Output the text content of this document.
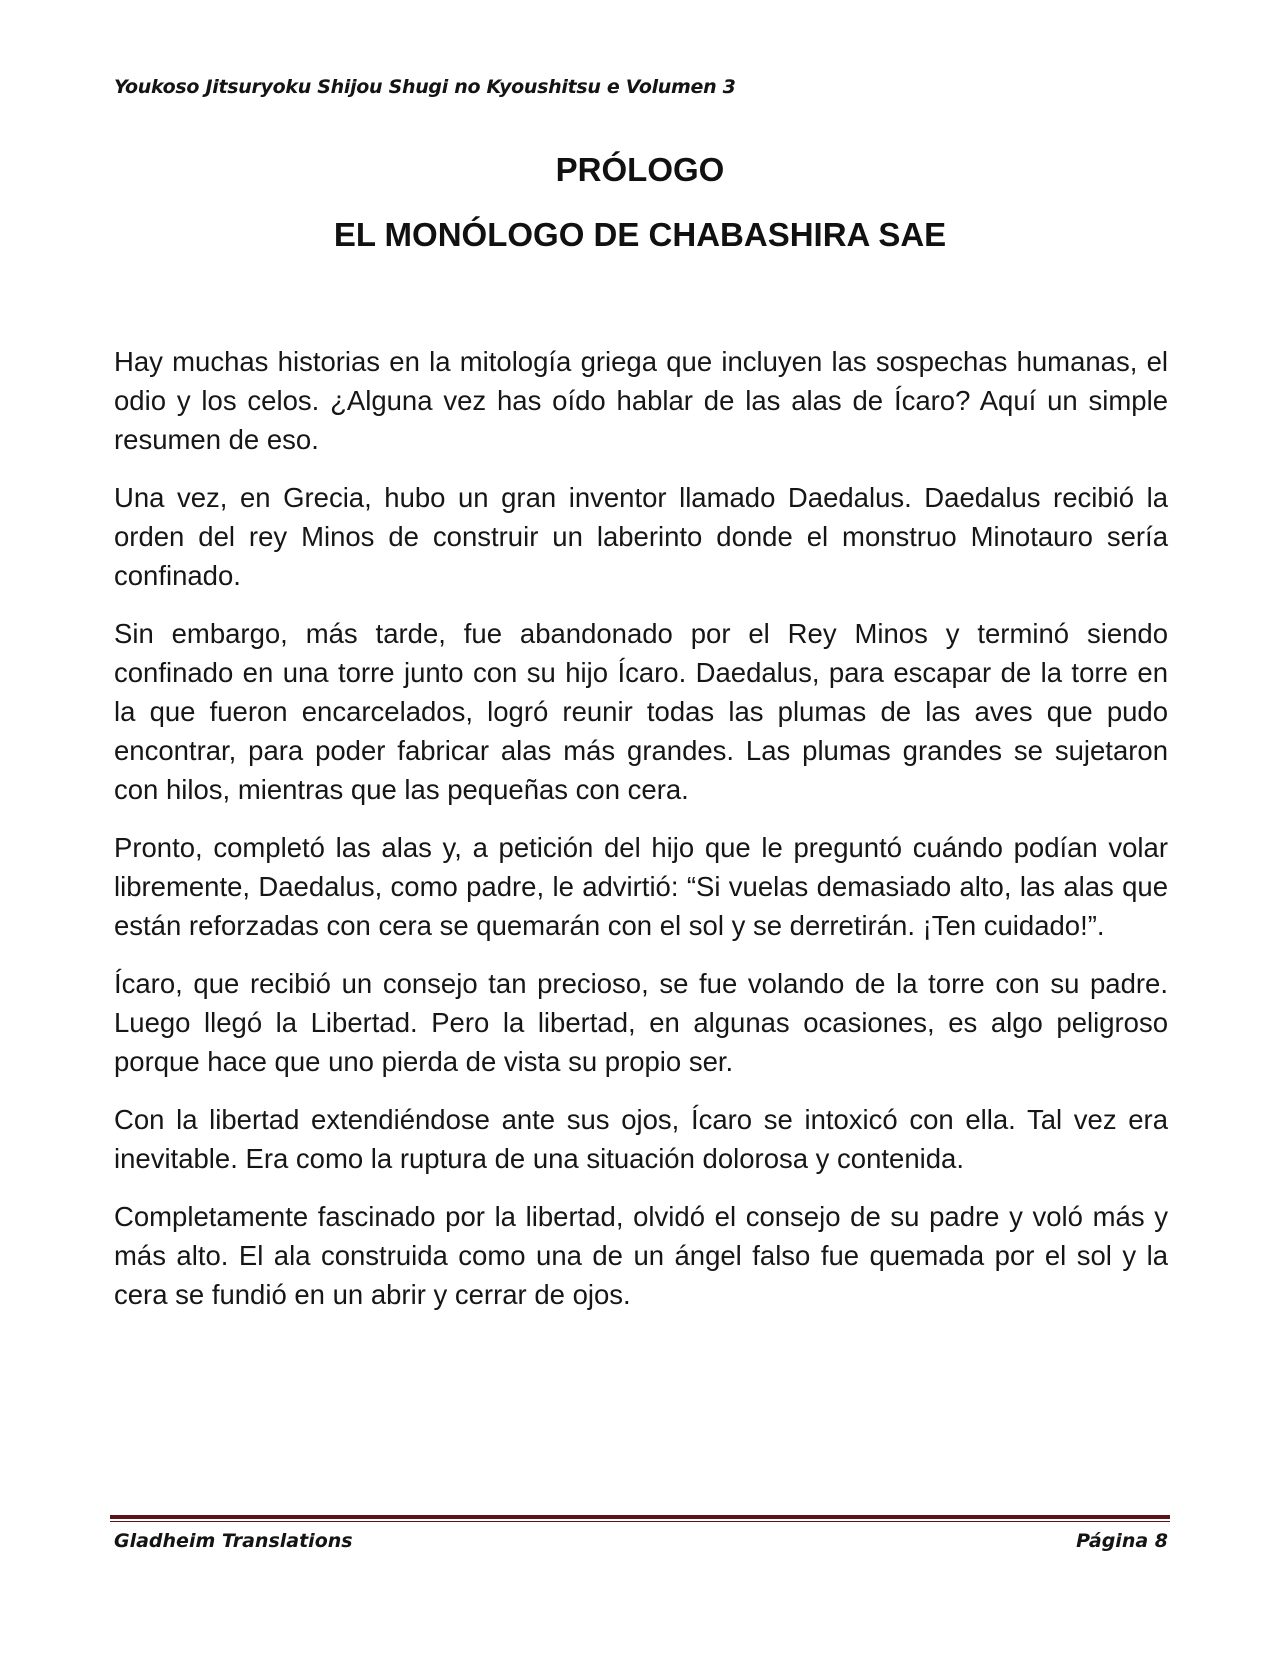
Youkoso Jitsuryoku Shijou Shugi no Kyoushitsu e Volumen 3
PRÓLOGO
EL MONÓLOGO DE CHABASHIRA SAE

Hay muchas historias en la mitología griega que incluyen las sospechas humanas, el odio y los celos. ¿Alguna vez has oído hablar de las alas de Ícaro? Aquí un simple resumen de eso.

Una vez, en Grecia, hubo un gran inventor llamado Daedalus. Daedalus recibió la orden del rey Minos de construir un laberinto donde el monstruo Minotauro sería confinado.

Sin embargo, más tarde, fue abandonado por el Rey Minos y terminó siendo confinado en una torre junto con su hijo Ícaro. Daedalus, para escapar de la torre en la que fueron encarcelados, logró reunir todas las plumas de las aves que pudo encontrar, para poder fabricar alas más grandes. Las plumas grandes se sujetaron con hilos, mientras que las pequeñas con cera.

Pronto, completó las alas y, a petición del hijo que le preguntó cuándo podían volar libremente, Daedalus, como padre, le advirtió: “Si vuelas demasiado alto, las alas que están reforzadas con cera se quemarán con el sol y se derretirán. ¡Ten cuidado!”.

Ícaro, que recibió un consejo tan precioso, se fue volando de la torre con su padre. Luego llegó la Libertad. Pero la libertad, en algunas ocasiones, es algo peligroso porque hace que uno pierda de vista su propio ser.

Con la libertad extendiéndose ante sus ojos, Ícaro se intoxicó con ella. Tal vez era inevitable. Era como la ruptura de una situación dolorosa y contenida.

Completamente fascinado por la libertad, olvidó el consejo de su padre y voló más y más alto. El ala construida como una de un ángel falso fue quemada por el sol y la cera se fundió en un abrir y cerrar de ojos.

Gladheim Translations	Página 8
